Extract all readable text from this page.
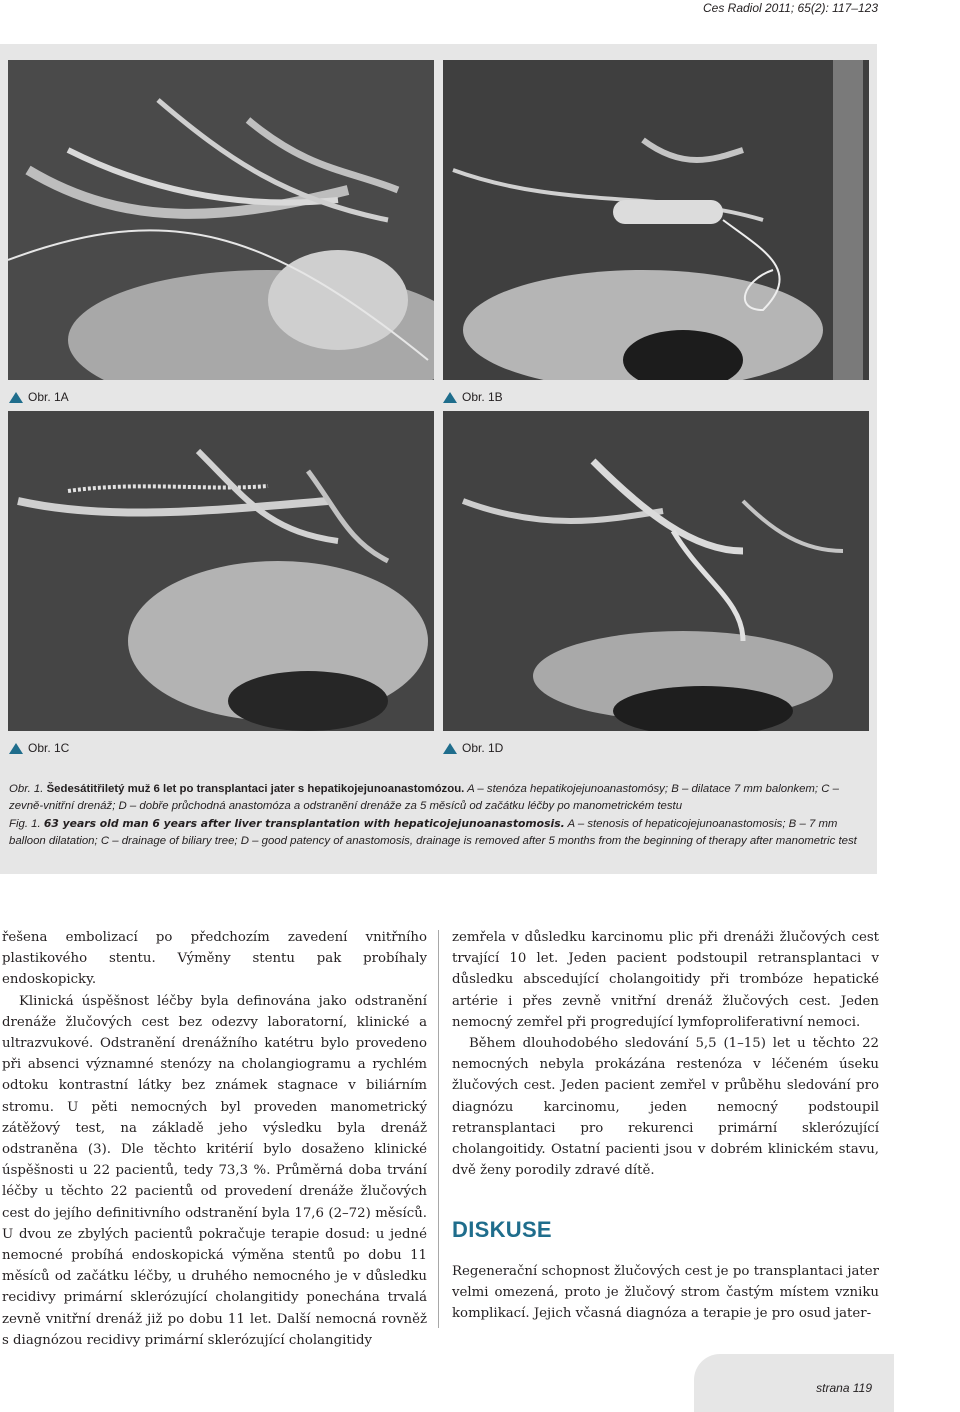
Ces Radiol 2011; 65(2): 117–123
Obr. 1A	Obr. 1B
Obr. 1C	Obr. 1D

Obr. 1. Šedesátitřiletý muž 6 let po transplantaci jater s hepatikojejunoanastomózou. A – stenóza hepatikojejunoanastomósy; B – dilatace 7 mm balonkem; C – zevně-vnitřní drenáž; D – dobře průchodná anastomóza a odstranění drenáže za 5 měsíců od začátku léčby po manometrickém testu

Fig. 1. 63 years old man 6 years after liver transplantation with hepaticojejunoanastomosis. A – stenosis of hepaticojejunoanastomosis; B – 7 mm balloon dilatation; C – drainage of biliary tree; D – good patency of anastomosis, drainage is removed after 5 months from the beginning of therapy after manometric test

řešena embolizací po předchozím zavedení vnitřního plastikového stentu. Výměny stentu pak probíhaly endoskopicky.

Klinická úspěšnost léčby byla definována jako odstranění drenáže žlučových cest bez odezvy laboratorní, klinické a ultrazvukové. Odstranění drenážního katétru bylo provedeno při absenci významné stenózy na cholangiogramu a rychlém odtoku kontrastní látky bez známek stagnace v biliárním stromu. U pěti nemocných byl proveden manometrický zátěžový test, na základě jeho výsledku byla drenáž odstraněna (3). Dle těchto kritérií bylo dosaženo klinické úspěšnosti u 22 pacientů, tedy 73,3 %. Průměrná doba trvání léčby u těchto 22 pacientů od provedení drenáže žlučových cest do jejího definitivního odstranění byla 17,6 (2–72) měsíců. U dvou ze zbylých pacientů pokračuje terapie dosud: u jedné nemocné probíhá endoskopická výměna stentů po dobu 11 měsíců od začátku léčby, u druhého nemocného je v důsledku recidivy primární sklerózující cholangitidy ponechána trvalá zevně vnitřní drenáž již po dobu 11 let. Další nemocná rovněž s diagnózou recidivy primární sklerózující cholangitidy

zemřela v důsledku karcinomu plic při drenáži žlučových cest trvající 10 let. Jeden pacient podstoupil retransplantaci v důsledku abscedující cholangoitidy při trombóze hepatické artérie i přes zevně vnitřní drenáž žlučových cest. Jeden nemocný zemřel při progredující lymfoproliferativní nemoci.

Během dlouhodobého sledování 5,5 (1–15) let u těchto 22 nemocných nebyla prokázána restenóza v léčeném úseku žlučových cest. Jeden pacient zemřel v průběhu sledování pro diagnózu karcinomu, jeden nemocný podstoupil retransplantaci pro rekurenci primární sklerózující cholangoitidy. Ostatní pacienti jsou v dobrém klinickém stavu, dvě ženy porodily zdravé dítě.

DISKUSE

Regenerační schopnost žlučových cest je po transplantaci jater velmi omezená, proto je žlučový strom častým místem vzniku komplikací. Jejich včasná diagnóza a terapie je pro osud jater-

strana 119
